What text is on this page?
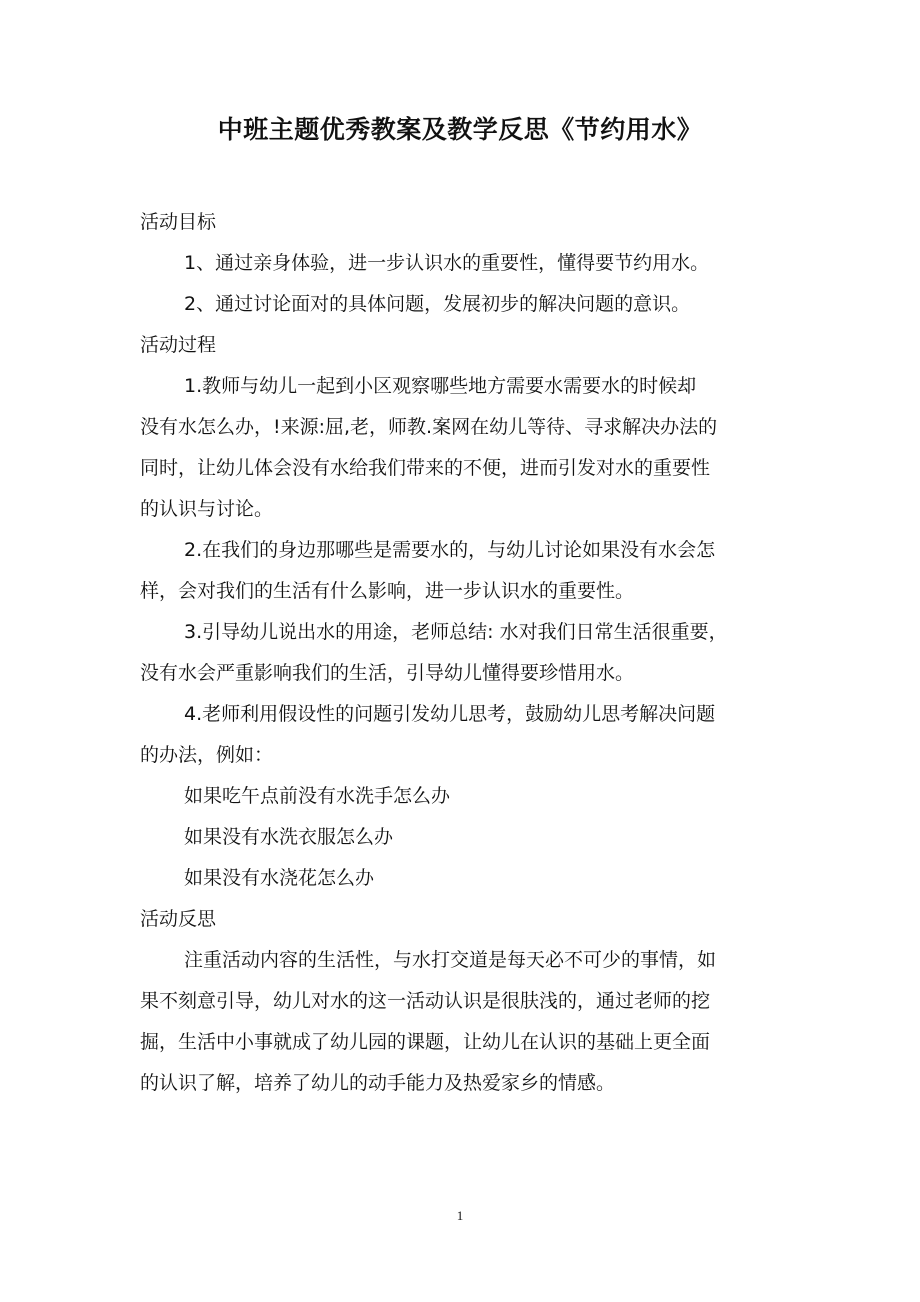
中班主题优秀教案及教学反思《节约用水》
活动目标
1、通过亲身体验，进一步认识水的重要性，懂得要节约用水。
2、通过讨论面对的具体问题，发展初步的解决问题的意识。
活动过程
1.教师与幼儿一起到小区观察哪些地方需要水需要水的时候却
没有水怎么办，!来源:屈,老，师教.案网在幼儿等待、寻求解决办法的
同时，让幼儿体会没有水给我们带来的不便，进而引发对水的重要性
的认识与讨论。
2.在我们的身边那哪些是需要水的，与幼儿讨论如果没有水会怎
样，会对我们的生活有什么影响，进一步认识水的重要性。
3.引导幼儿说出水的用途，老师总结: 水对我们日常生活很重要，
没有水会严重影响我们的生活，引导幼儿懂得要珍惜用水。
4.老师利用假设性的问题引发幼儿思考，鼓励幼儿思考解决问题
的办法，例如：
如果吃午点前没有水洗手怎么办
如果没有水洗衣服怎么办
如果没有水浇花怎么办
活动反思
注重活动内容的生活性，与水打交道是每天必不可少的事情，如
果不刻意引导，幼儿对水的这一活动认识是很肤浅的，通过老师的挖
掘，生活中小事就成了幼儿园的课题，让幼儿在认识的基础上更全面
的认识了解，培养了幼儿的动手能力及热爱家乡的情感。
1
